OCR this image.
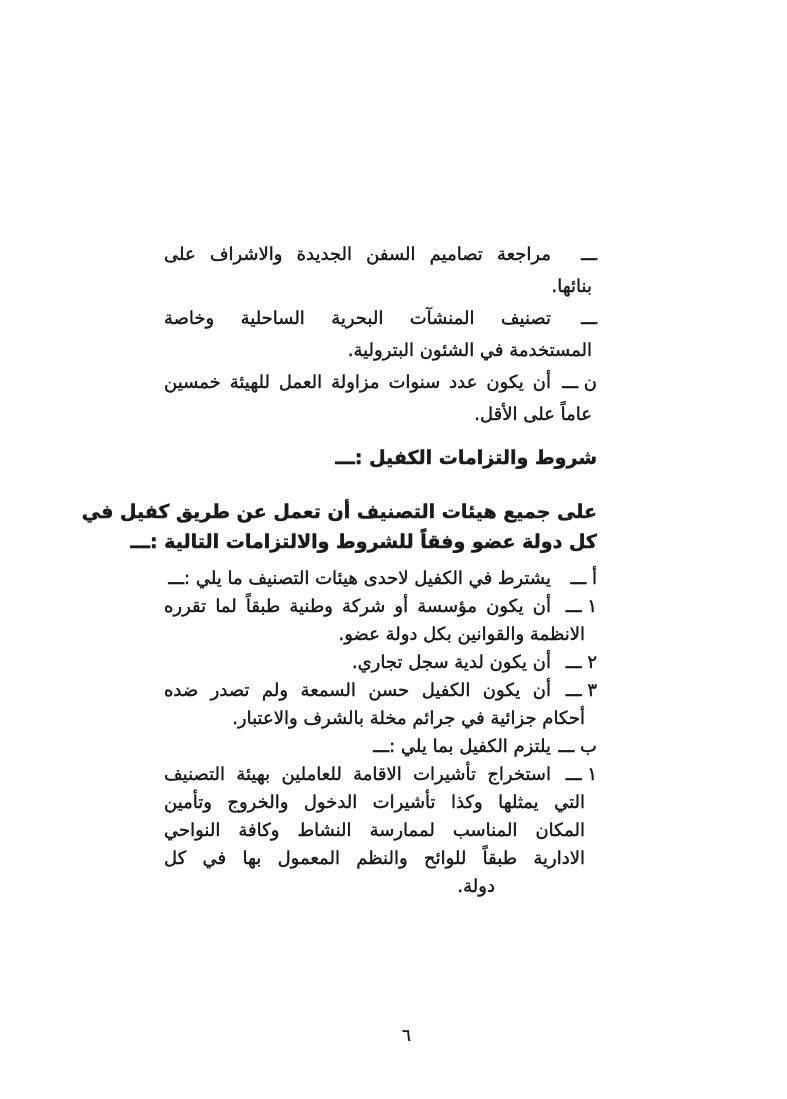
ـــ
مراجعة تصاميم السفن الجديدة والاشراف على
بنائها.
ـــ
تصنيف المنشآت البحرية الساحلية وخاصة
المستخدمة في الشئون البترولية.
ن ـــ
أن يكون عدد سنوات مزاولة العمل للهيئة خمسين
عاماً على الأقل.
شروط والتزامات الكفيل :ـــ
على جميع هيئات التصنيف أن تعمل عن طريق كفيل في
كل دولة عضو وفقاً للشروط والالتزامات التالية :ـــ
أ ـــ
يشترط في الكفيل لاحدى هيئات التصنيف ما يلي :ـــ
١ ـــ
أن يكون مؤسسة أو شركة وطنية طبقاً لما تقرره
الانظمة والقوانين بكل دولة عضو.
٢ ـــ
أن يكون لدية سجل تجاري.
٣ ـــ
أن يكون الكفيل حسن السمعة ولم تصدر ضده
أحكام جزائية في جرائم مخلة بالشرف والاعتبار.
ب ـــ
يلتزم الكفيل بما يلي :ـــ
١ ـــ
استخراج تأشيرات الاقامة للعاملين بهيئة التصنيف
التي يمثلها وكذا تأشيرات الدخول والخروج وتأمين
المكان المناسب لممارسة النشاط وكافة النواحي
الادارية طبقاً للوائح والنظم المعمول بها في كل
دولة.
٦
